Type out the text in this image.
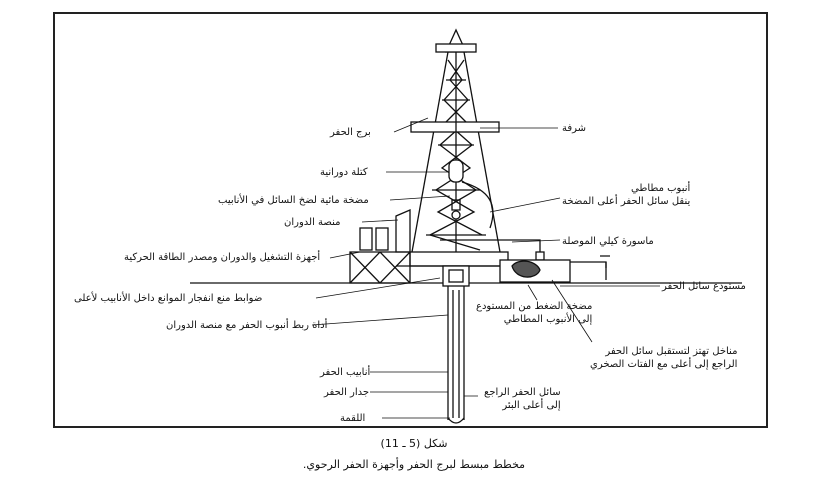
برج الحفر	شرفة
كتلة دورانية
مضخة مائية لضخ السائل في الأنابيب
أنبوب مطاطي
ينقل سائل الحفر أعلى المضخة
منصة الدوران
ماسورة كيلي الموصلة
أجهزة التشغيل والدوران ومصدر الطاقة الحركية
مستودع سائل الحفر
ضوابط منع انفجار الموانع داخل الأنابيب لأعلى
مضخة الضغط من المستودع
إلى الأنبوب المطاطي
أداة ربط أنبوب الحفر مع منصة الدوران
مناخل تهتز لتستقبل سائل الحفر
الراجع إلى أعلى مع الفتات الصخري
أنابيب الحفر
جدار الحفر	سائل الحفر الراجع
إلى أعلى البئر
اللقمة
شكل (5 ـ 11)
مخطط مبسط لبرج الحفر وأجهزة الحفر الرحوي.
